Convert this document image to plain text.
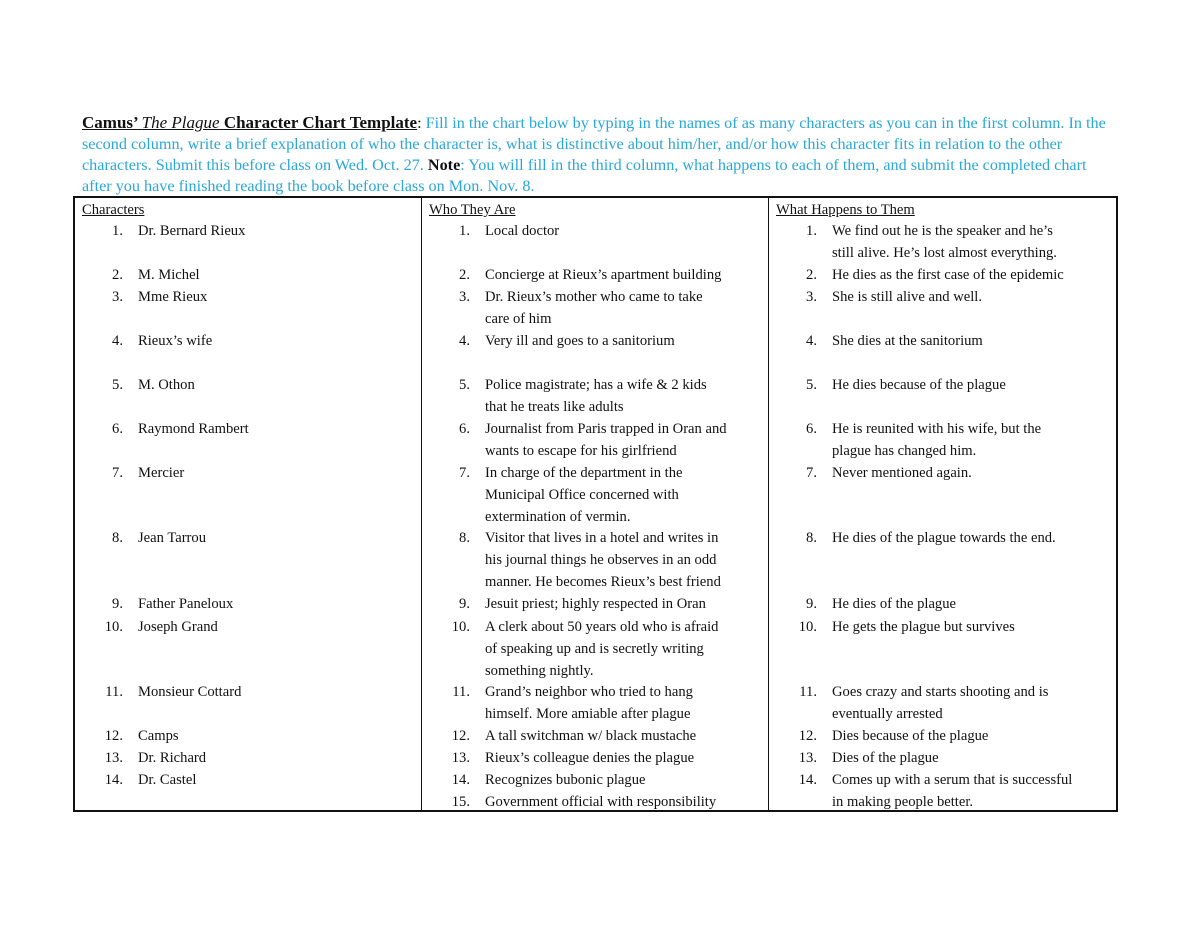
Camus’ The Plague Character Chart Template: Fill in the chart below by typing in the names of as many characters as you can in the first column. In the second column, write a brief explanation of who the character is, what is distinctive about him/her, and/or how this character fits in relation to the other characters. Submit this before class on Wed. Oct. 27. Note: You will fill in the third column, what happens to each of them, and submit the completed chart after you have finished reading the book before class on Mon. Nov. 8.
Characters
1. Dr. Bernard Rieux
2. M. Michel
3. Mme Rieux
4. Rieux’s wife
5. M. Othon
6. Raymond Rambert
7. Mercier
8. Jean Tarrou
9. Father Paneloux
10. Joseph Grand
11. Monsieur Cottard
12. Camps
13. Dr. Richard
14. Dr. Castel
Who They Are
1. Local doctor
2. Concierge at Rieux’s apartment building
3. Dr. Rieux’s mother who came to take
care of him
4. Very ill and goes to a sanitorium
5. Police magistrate; has a wife & 2 kids
that he treats like adults
6. Journalist from Paris trapped in Oran and
wants to escape for his girlfriend
7. In charge of the department in the
Municipal Office concerned with
extermination of vermin.
8. Visitor that lives in a hotel and writes in
his journal things he observes in an odd
manner. He becomes Rieux’s best friend
9. Jesuit priest; highly respected in Oran
10. A clerk about 50 years old who is afraid
of speaking up and is secretly writing
something nightly.
11. Grand’s neighbor who tried to hang
himself. More amiable after plague
12. A tall switchman w/ black mustache
13. Rieux’s colleague denies the plague
14. Recognizes bubonic plague
15. Government official with responsibility
What Happens to Them
1. We find out he is the speaker and he’s
still alive. He’s lost almost everything.
2. He dies as the first case of the epidemic
3. She is still alive and well.
4. She dies at the sanitorium
5. He dies because of the plague
6. He is reunited with his wife, but the
plague has changed him.
7. Never mentioned again.
8. He dies of the plague towards the end.
9. He dies of the plague
10. He gets the plague but survives
11. Goes crazy and starts shooting and is
eventually arrested
12. Dies because of the plague
13. Dies of the plague
14. Comes up with a serum that is successful
in making people better.
